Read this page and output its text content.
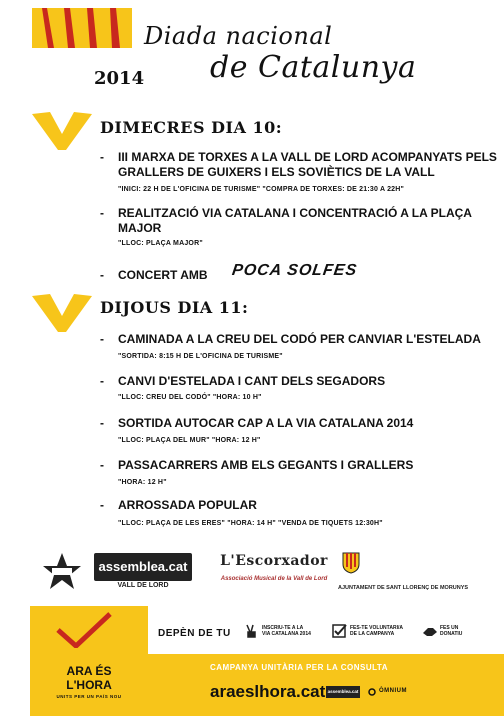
Diada nacional
de Catalunya
2014
DIMECRES DIA 10:
-	III MARXA DE TORXES A LA VALL DE LORD ACOMPANYATS PELS GRALLERS DE GUIXERS I ELS SOVIÈTICS DE LA VALL
"INICI: 22 H DE L'OFICINA DE TURISME" "COMPRA DE TORXES: DE 21:30 A 22H"
-	REALITZACIÓ VIA CATALANA I CONCENTRACIÓ A LA PLAÇA MAJOR
"LLOC: PLAÇA MAJOR"
-	CONCERT AMB	POCA SOLFES
DIJOUS DIA 11:
-	CAMINADA A LA CREU DEL CODÓ PER CANVIAR L'ESTELADA
"SORTIDA: 8:15 H DE L'OFICINA DE TURISME"
-	CANVI D'ESTELADA I CANT DELS SEGADORS
"LLOC: CREU DEL CODÓ" "HORA: 10 H"
-	SORTIDA AUTOCAR CAP A LA VIA CATALANA 2014
"LLOC: PLAÇA DEL MUR" "HORA: 12 H"
-	PASSACARRERS AMB ELS GEGANTS I GRALLERS
"HORA: 12 H"
-	ARROSSADA POPULAR
"LLOC: PLAÇA DE LES ERES" "HORA: 14 H" "VENDA DE TIQUETS 12:30H"
assemblea.cat
VALL DE LORD
L'Escorxador
Associació Musical de la Vall de Lord
AJUNTAMENT DE SANT LLORENÇ DE MORUNYS
ARA ÉS
L'HORA
UNITS PER UN PAÍS NOU
DEPÈN DE TU	INSCRIU-TE A LA
VIA CATALANA 2014
FES-TE VOLUNTARI/A
DE LA CAMPANYA
FES UN
DONATIU
CAMPANYA UNITÀRIA PER LA CONSULTA
araeslhora.cat assemblea.cat	ÒMNIUM
